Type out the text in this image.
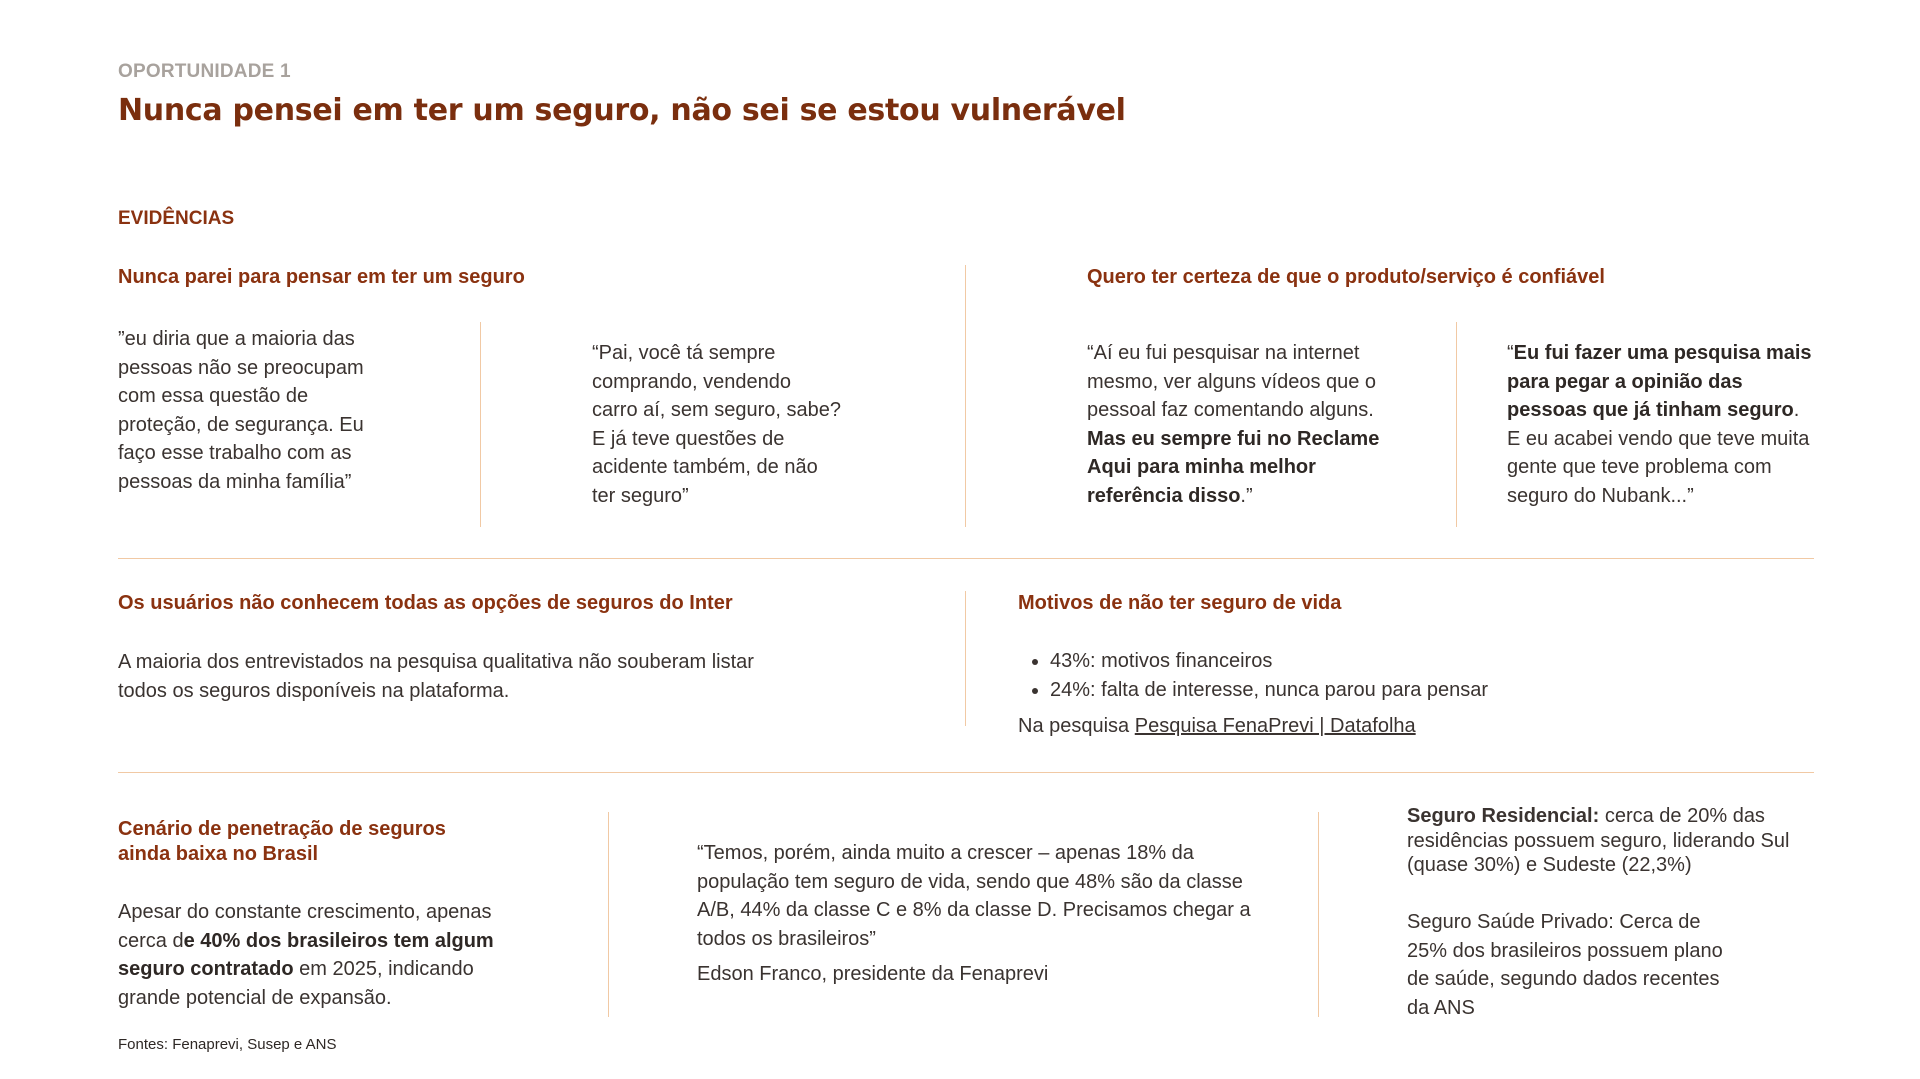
OPORTUNIDADE 1
Nunca pensei em ter um seguro, não sei se estou vulnerável
EVIDÊNCIAS
Nunca parei para pensar em ter um seguro
”eu diria que a maioria das pessoas não se preocupam com essa questão de proteção, de segurança. Eu faço esse trabalho com as pessoas da minha família”
“Pai, você tá sempre comprando, vendendo carro aí, sem seguro, sabe? E já teve questões de acidente também, de não ter seguro”
Quero ter certeza de que o produto/serviço é confiável
“Aí eu fui pesquisar na internet mesmo, ver alguns vídeos que o pessoal faz comentando alguns. Mas eu sempre fui no Reclame Aqui para minha melhor referência disso.”
“Eu fui fazer uma pesquisa mais para pegar a opinião das pessoas que já tinham seguro. E eu acabei vendo que teve muita gente que teve problema com seguro do Nubank...”
Os usuários não conhecem todas as opções de seguros do Inter
A maioria dos entrevistados na pesquisa qualitativa não souberam listar todos os seguros disponíveis na plataforma.
Motivos de não ter seguro de vida
• 43%: motivos financeiros
• 24%: falta de interesse, nunca parou para pensar
Na pesquisa Pesquisa FenaPrevi | Datafolha
Cenário de penetração de seguros
ainda baixa no Brasil
Apesar do constante crescimento, apenas cerca de 40% dos brasileiros tem algum seguro contratado em 2025, indicando grande potencial de expansão.
“Temos, porém, ainda muito a crescer – apenas 18% da população tem seguro de vida, sendo que 48% são da classe A/B, 44% da classe C e 8% da classe D. Precisamos chegar a todos os brasileiros”
Edson Franco, presidente da Fenaprevi
Seguro Residencial: cerca de 20% das residências possuem seguro, liderando Sul (quase 30%) e Sudeste (22,3%)
Seguro Saúde Privado: Cerca de 25% dos brasileiros possuem plano de saúde, segundo dados recentes da ANS
Fontes: Fenaprevi, Susep e ANS
